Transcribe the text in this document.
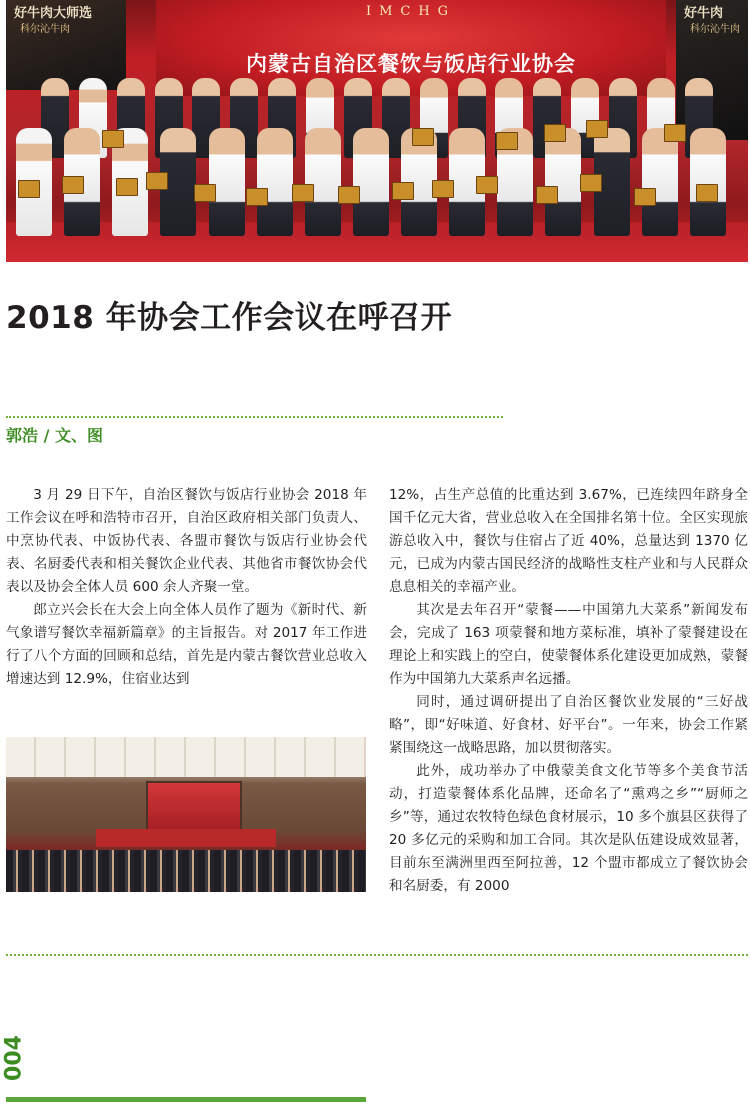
好牛肉大师选
科尔沁牛肉
IMCHG
内蒙古自治区餐饮与饭店行业协会
好牛肉
科尔沁牛肉
2018 年协会工作会议在呼召开
郭浩 / 文、图

3 月 29 日下午，自治区餐饮与饭店行业协会 2018 年工作会议在呼和浩特市召开，自治区政府相关部门负责人、中烹协代表、中饭协代表、各盟市餐饮与饭店行业协会代表、名厨委代表和相关餐饮企业代表、其他省市餐饮协会代表以及协会全体人员 600 余人齐聚一堂。

郎立兴会长在大会上向全体人员作了题为《新时代、新气象谱写餐饮幸福新篇章》的主旨报告。对 2017 年工作进行了八个方面的回顾和总结，首先是内蒙古餐饮营业总收入增速达到 12.9%，住宿业达到

12%，占生产总值的比重达到 3.67%，已连续四年跻身全国千亿元大省，营业总收入在全国排名第十位。全区实现旅游总收入中，餐饮与住宿占了近 40%，总量达到 1370 亿元，已成为内蒙古国民经济的战略性支柱产业和与人民群众息息相关的幸福产业。

其次是去年召开“蒙餐——中国第九大菜系”新闻发布会，完成了 163 项蒙餐和地方菜标准，填补了蒙餐建设在理论上和实践上的空白，使蒙餐体系化建设更加成熟，蒙餐作为中国第九大菜系声名远播。

同时，通过调研提出了自治区餐饮业发展的“三好战略”，即“好味道、好食材、好平台”。一年来，协会工作紧紧围绕这一战略思路，加以贯彻落实。

此外，成功举办了中俄蒙美食文化节等多个美食节活动，打造蒙餐体系化品牌，还命名了“熏鸡之乡”“厨师之乡”等，通过农牧特色绿色食材展示，10 多个旗县区获得了 20 多亿元的采购和加工合同。其次是队伍建设成效显著，目前东至满洲里西至阿拉善，12 个盟市都成立了餐饮协会和名厨委，有 2000

004
